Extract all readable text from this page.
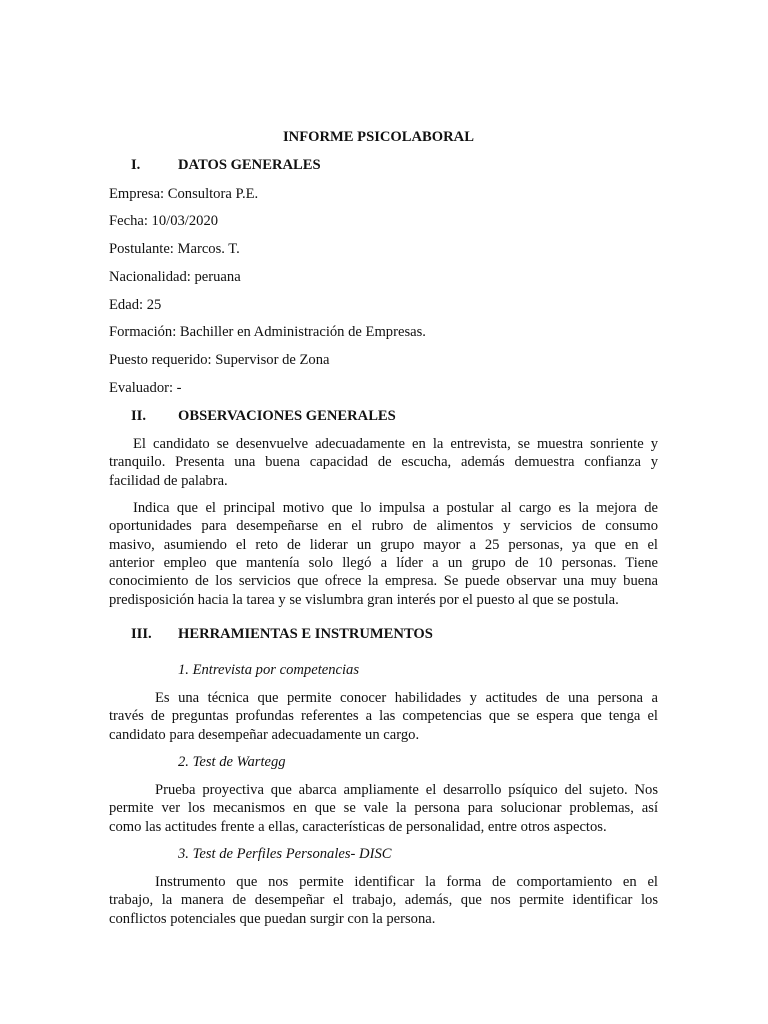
INFORME PSICOLABORAL
I.	DATOS GENERALES
Empresa: Consultora P.E.
Fecha: 10/03/2020
Postulante: Marcos. T.
Nacionalidad: peruana
Edad: 25
Formación: Bachiller en Administración de Empresas.
Puesto requerido: Supervisor de Zona
Evaluador: -
II. OBSERVACIONES GENERALES
El candidato se desenvuelve adecuadamente en la entrevista, se muestra sonriente y
tranquilo. Presenta una buena capacidad de escucha, además demuestra confianza y
facilidad de palabra.
Indica que el principal motivo que lo impulsa a postular al cargo es la mejora de
oportunidades para desempeñarse en el rubro de alimentos y servicios de consumo
masivo, asumiendo el reto de liderar un grupo mayor a 25 personas, ya que en el
anterior empleo que mantenía solo llegó a líder a un grupo de 10 personas. Tiene
conocimiento de los servicios que ofrece la empresa. Se puede observar una muy buena
predisposición hacia la tarea y se vislumbra gran interés por el puesto al que se postula.
III. HERRAMIENTAS E INSTRUMENTOS
1. Entrevista por competencias
Es una técnica que permite conocer habilidades y actitudes de una persona a
través de preguntas profundas referentes a las competencias que se espera que tenga el
candidato para desempeñar adecuadamente un cargo.
2. Test de Wartegg
Prueba proyectiva que abarca ampliamente el desarrollo psíquico del sujeto. Nos
permite ver los mecanismos en que se vale la persona para solucionar problemas, así
como las actitudes frente a ellas, características de personalidad, entre otros aspectos.
3. Test de Perfiles Personales- DISC
Instrumento que nos permite identificar la forma de comportamiento en el
trabajo, la manera de desempeñar el trabajo, además, que nos permite identificar los
conflictos potenciales que puedan surgir con la persona.
